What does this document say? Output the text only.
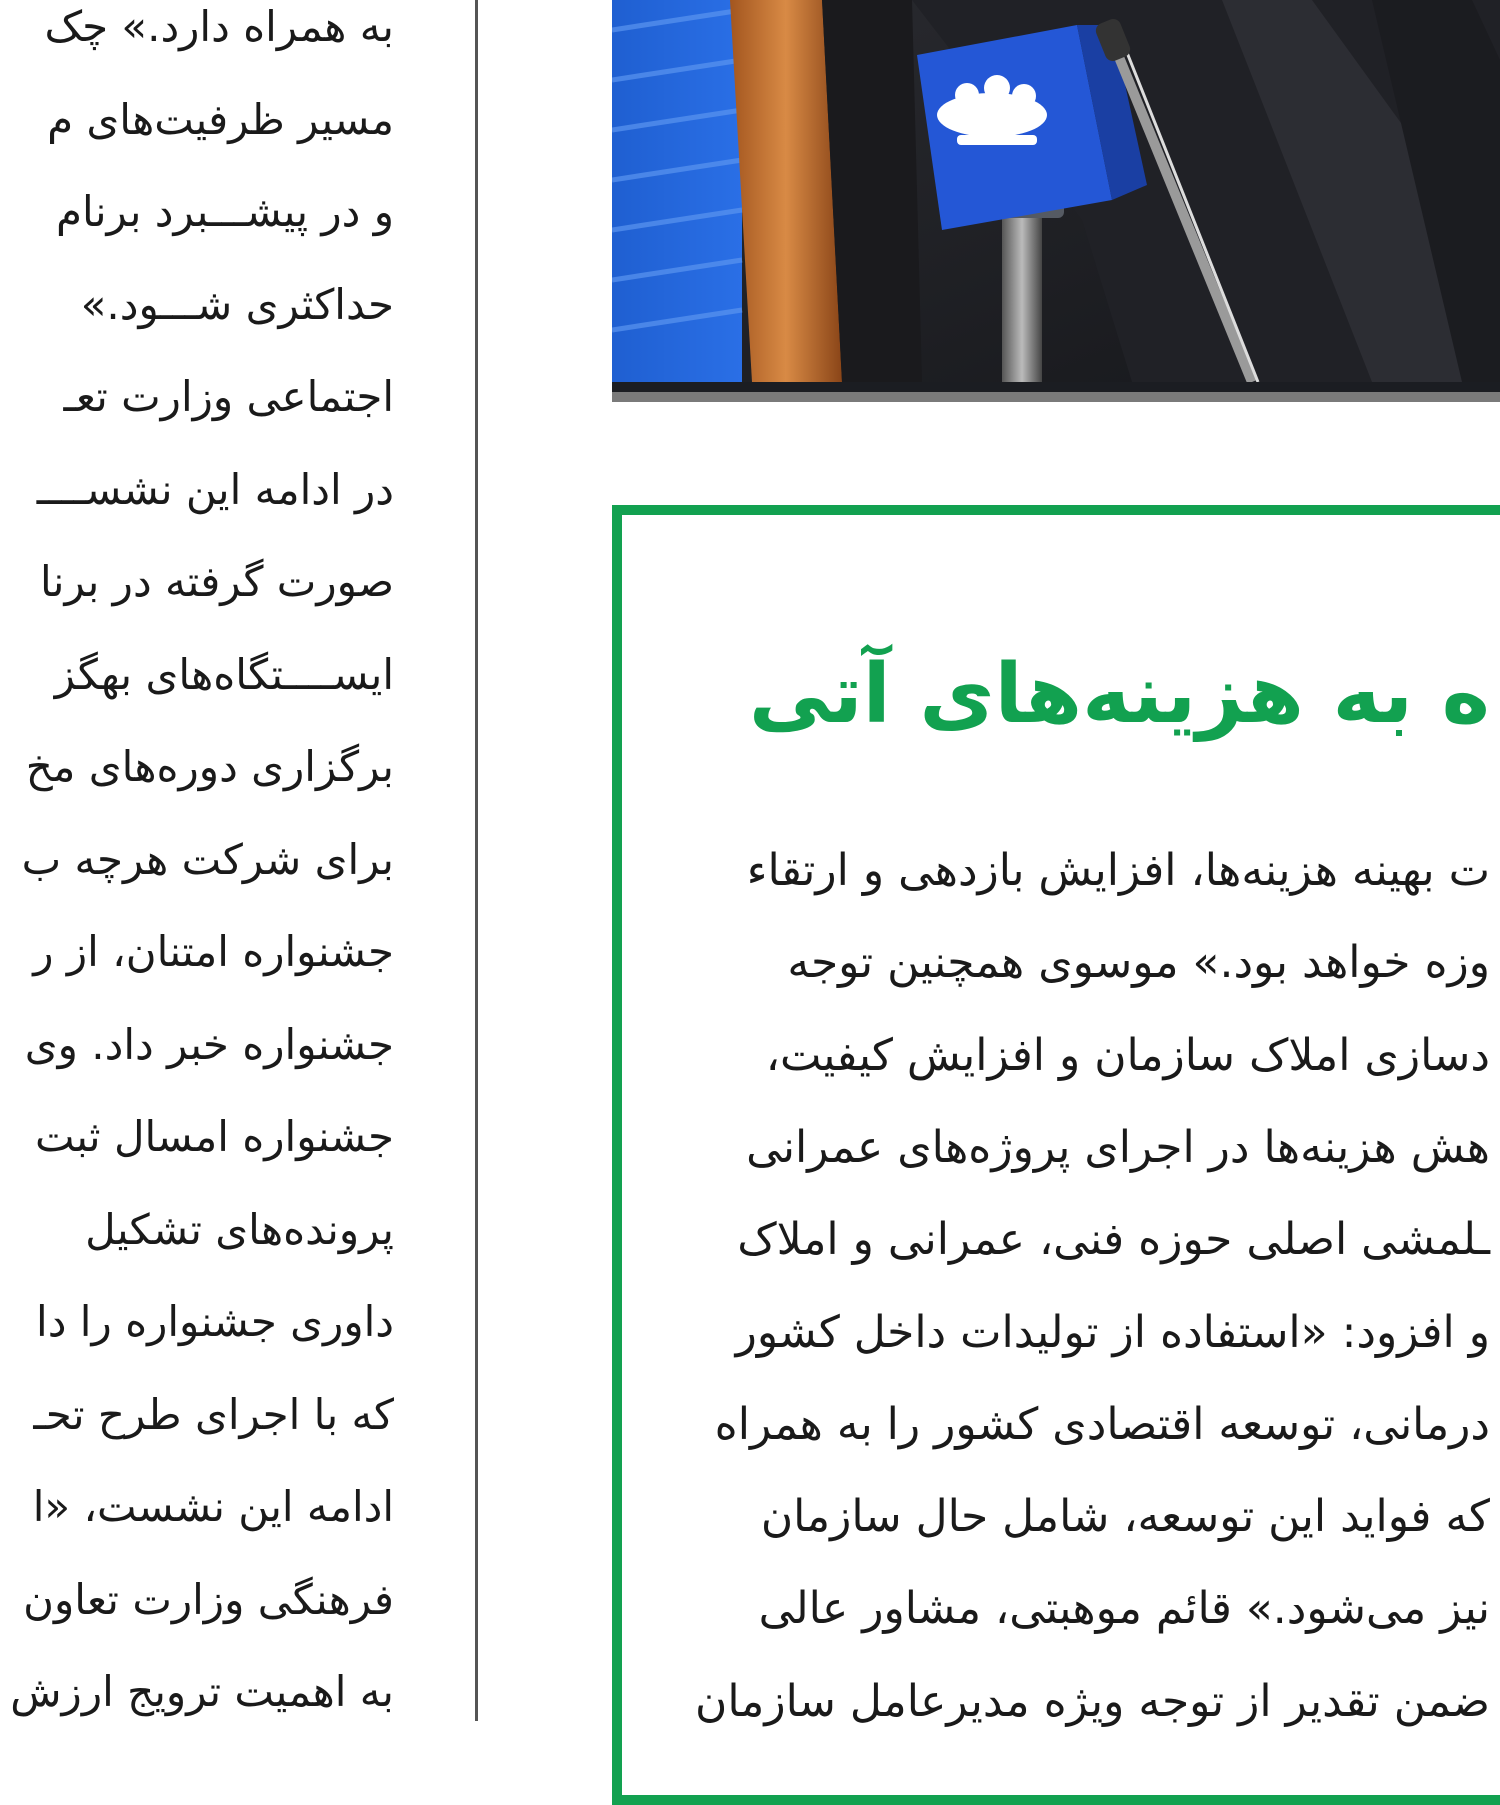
به همراه دارد.» چک
مسیر ظرفیت‌های م
و در پیشـــبرد برنام
حداکثری شـــود.»
اجتماعی وزارت تعـ
در ادامه این نشســــ
صورت گرفته در برنا
ایســــتگاه‌های بهگز
برگزاری دوره‌های مخ
برای شرکت هرچه ب
جشنواره امتنان، از ر
جشنواره خبر داد. وی
جشنواره امسال ثبت
پرونده‌های تشکیل
داوری جشنواره را دا
که با اجرای طرح تحـ
ادامه این نشست، «ا
فرهنگی وزارت تعاون
به اهمیت ترویج ارزش
ه به هزینه‌های آتی
ت بهینه هزینه‌ها، افزایش بازدهی و ارتقاء
وزه خواهد بود.» موسوی همچنین توجه
دسازی املاک سازمان و افزایش کیفیت،
هش هزینه‌ها در اجرای پروژه‌های عمرانی
ـلمشی اصلی حوزه فنی، عمرانی و املاک
و افزود: «استفاده از تولیدات داخل کشور
درمانی، توسعه اقتصادی کشور را به همراه
که فواید این توسعه، شامل حال سازمان
نیز می‌شود.» قائم موهبتی، مشاور عالی
ضمن تقدیر از توجه ویژه مدیرعامل سازمان
